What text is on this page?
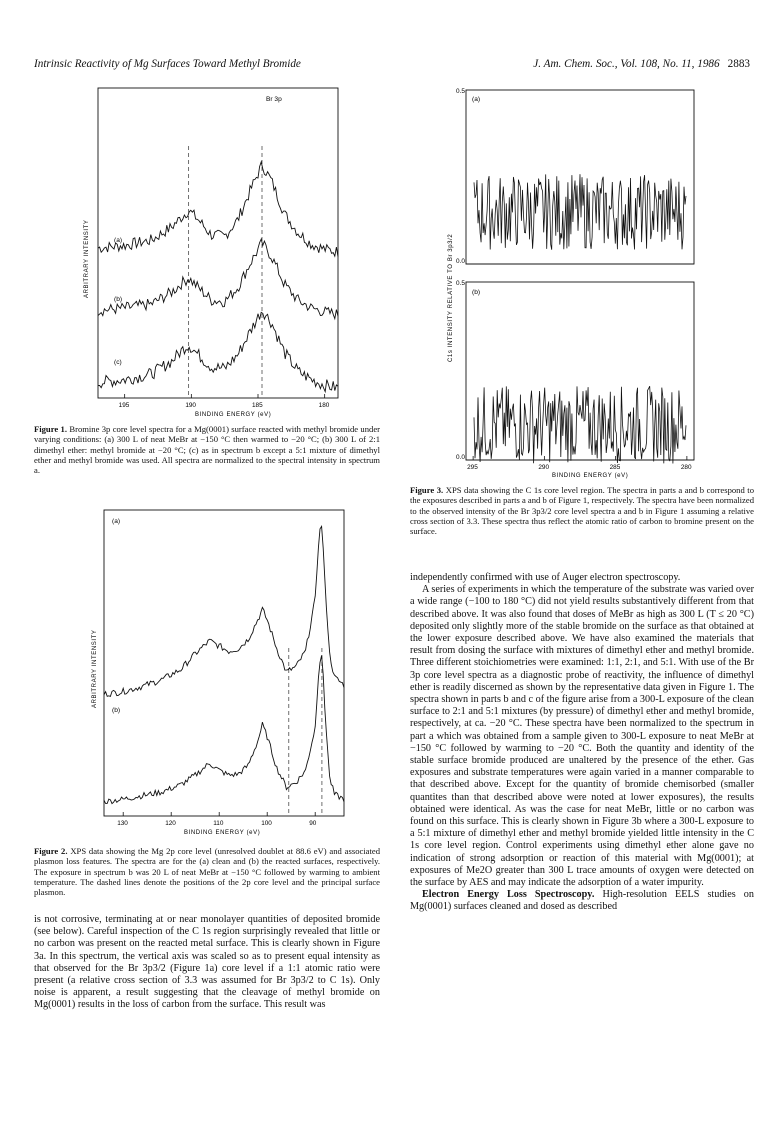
Intrinsic Reactivity of Mg Surfaces Toward Methyl Bromide	J. Am. Chem. Soc., Vol. 108, No. 11, 1986 2883
195	190	185	180
Br 3p
(a)
(b)
(c)
BINDING ENERGY (eV)
ARBITRARY INTENSITY
Figure 1. Bromine 3p core level spectra for a Mg(0001) surface reacted with methyl bromide under varying conditions: (a) 300 L of neat MeBr at −150 °C then warmed to −20 °C; (b) 300 L of 2:1 dimethyl ether: methyl bromide at −20 °C; (c) as in spectrum b except a 5:1 mixture of dimethyl ether and methyl bromide was used. All spectra are normalized to the spectral intensity in spectrum a.
130	120	110	100	90
(a)
(b)
BINDING ENERGY (eV)
ARBITRARY INTENSITY
Figure 2. XPS data showing the Mg 2p core level (unresolved doublet at 88.6 eV) and associated plasmon loss features. The spectra are for the (a) clean and (b) the reacted surfaces, respectively. The exposure in spectrum b was 20 L of neat MeBr at −150 °C followed by warming to ambient temperature. The dashed lines denote the positions of the 2p core level and the principal surface plasmon.

is not corrosive, terminating at or near monolayer quantities of deposited bromide (see below). Careful inspection of the C 1s region surprisingly revealed that little or no carbon was present on the reacted metal surface. This is clearly shown in Figure 3a. In this spectrum, the vertical axis was scaled so as to present equal intensity as that observed for the Br 3p3/2 (Figure 1a) core level if a 1:1 atomic ratio were present (a relative cross section of 3.3 was assumed for Br 3p3/2 to C 1s). Only noise is apparent, a result suggesting that the cleavage of methyl bromide on Mg(0001) results in the loss of carbon from the surface. This result was

295	290	285	280
0.5
0.0
0.5
0.0
(a)
(b)
BINDING ENERGY (eV)
C1s INTENSITY RELATIVE TO Br 3p3/2
Figure 3. XPS data showing the C 1s core level region. The spectra in parts a and b correspond to the exposures described in parts a and b of Figure 1, respectively. The spectra have been normalized to the observed intensity of the Br 3p3/2 core level spectra a and b in Figure 1 assuming a relative cross section of 3.3. These spectra thus reflect the atomic ratio of carbon to bromine present on the surface.

independently confirmed with use of Auger electron spectroscopy.

A series of experiments in which the temperature of the substrate was varied over a wide range (−100 to 180 °C) did not yield results substantively different from that described above. It was also found that doses of MeBr as high as 300 L (T ≤ 20 °C) deposited only slightly more of the stable bromide on the surface as that obtained at the lower exposure described above. We have also examined the materials that result from dosing the surface with mixtures of dimethyl ether and methyl bromide. Three different stoichiometries were examined: 1:1, 2:1, and 5:1. With use of the Br 3p core level spectra as a diagnostic probe of reactivity, the influence of dimethyl ether is readily discerned as shown by the representative data given in Figure 1. The spectra shown in parts b and c of the figure arise from a 300-L exposure of the clean surface to 2:1 and 5:1 mixtures (by pressure) of dimethyl ether and methyl bromide, respectively, at ca. −20 °C. These spectra have been normalized to the spectrum in part a which was obtained from a sample given to 300-L exposure to neat MeBr at −150 °C followed by warming to −20 °C. Both the quantity and identity of the stable surface bromide produced are unaltered by the presence of the ether. Gas exposures and substrate temperatures were again varied in a manner comparable to that described above. Except for the quantity of bromide chemisorbed (smaller quantites than that described above were noted at lower exposures), the results obtained were identical. As was the case for neat MeBr, little or no carbon was found on this surface. This is clearly shown in Figure 3b where a 300-L exposure to a 5:1 mixture of dimethyl ether and methyl bromide yielded little intensity in the C 1s core level region. Control experiments using dimethyl ether alone gave no indication of strong adsorption or reaction of this material with Mg(0001); at exposures of Me2O greater than 300 L trace amounts of oxygen were detected on the surface by AES and may indicate the adsorption of a water impurity.

Electron Energy Loss Spectroscopy. High-resolution EELS studies on Mg(0001) surfaces cleaned and dosed as described
